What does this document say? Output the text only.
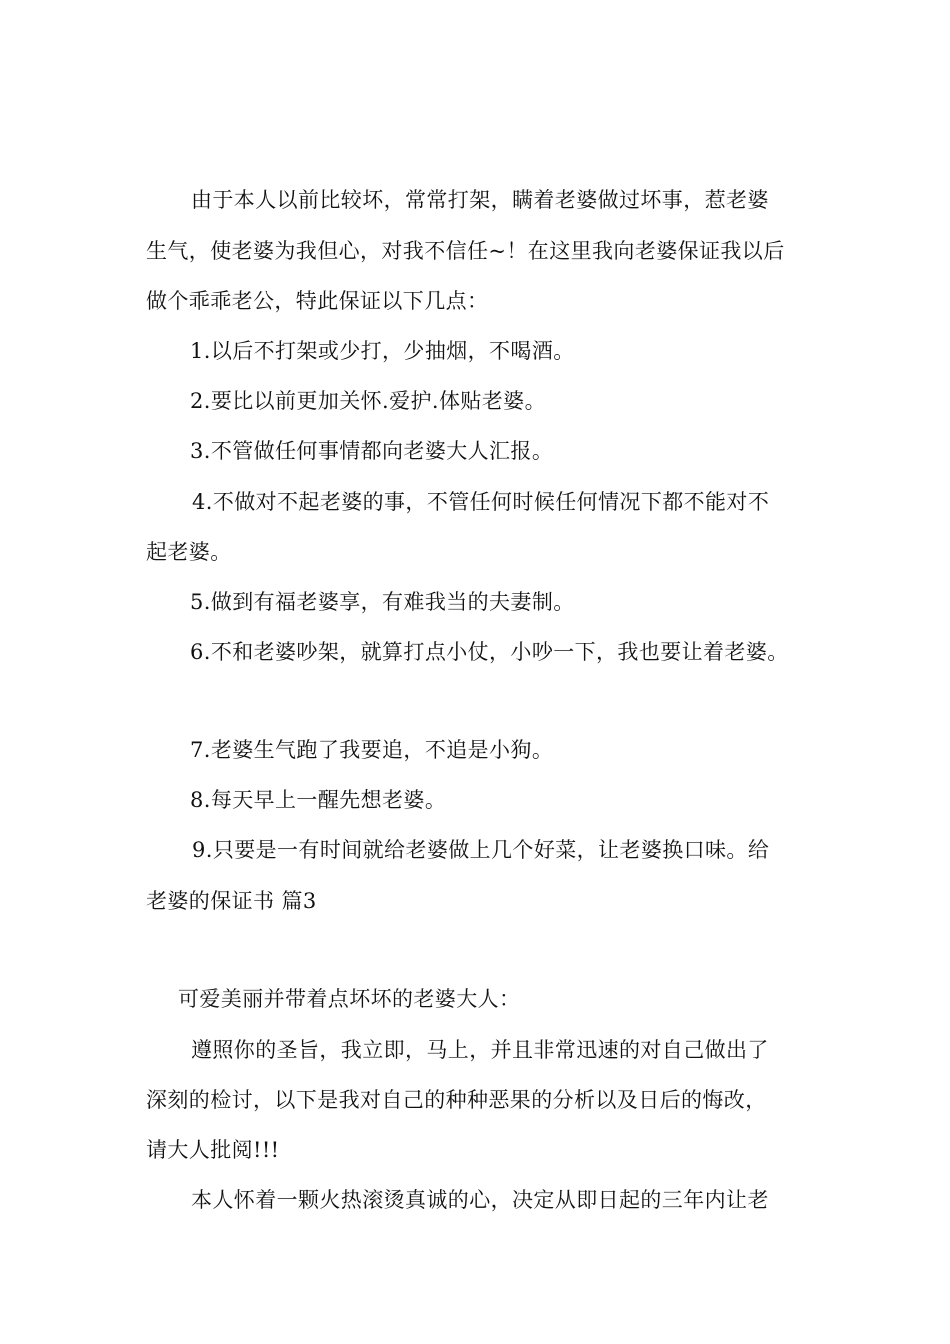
由于本人以前比较坏，常常打架，瞒着老婆做过坏事，惹老婆
生气，使老婆为我但心，对我不信任~！在这里我向老婆保证我以后
做个乖乖老公，特此保证以下几点：
1.以后不打架或少打，少抽烟，不喝酒。
2.要比以前更加关怀.爱护.体贴老婆。
3.不管做任何事情都向老婆大人汇报。
4.不做对不起老婆的事，不管任何时候任何情况下都不能对不
起老婆。
5.做到有福老婆享，有难我当的夫妻制。
6.不和老婆吵架，就算打点小仗，小吵一下，我也要让着老婆。
7.老婆生气跑了我要追，不追是小狗。
8.每天早上一醒先想老婆。
9.只要是一有时间就给老婆做上几个好菜，让老婆换口味。给
老婆的保证书 篇3
可爱美丽并带着点坏坏的老婆大人：
遵照你的圣旨，我立即，马上，并且非常迅速的对自己做出了
深刻的检讨，以下是我对自己的种种恶果的分析以及日后的悔改，
请大人批阅!!!
本人怀着一颗火热滚烫真诚的心，决定从即日起的三年内让老
